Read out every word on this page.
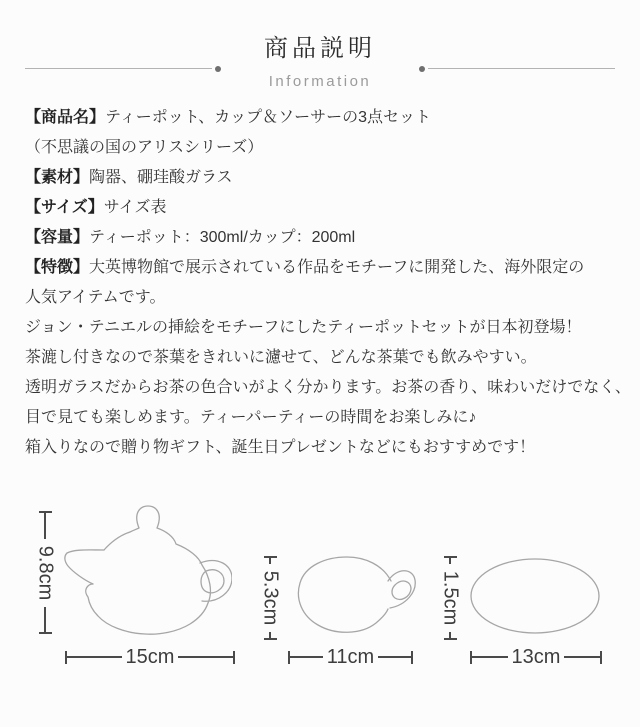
商品説明
Information
【商品名】ティーポット、カップ＆ソーサーの3点セット
（不思議の国のアリスシリーズ）
【素材】陶器、硼珪酸ガラス
【サイズ】サイズ表
【容量】ティーポット：300ml/カップ：200ml
【特徴】大英博物館で展示されている作品をモチーフに開発した、海外限定の
人気アイテムです。
ジョン・テニエルの挿絵をモチーフにしたティーポットセットが日本初登場！
茶漉し付きなので茶葉をきれいに濾せて、どんな茶葉でも飲みやすい。
透明ガラスだからお茶の色合いがよく分かります。お茶の香り、味わいだけでなく、
目で見ても楽しめます。ティーパーティーの時間をお楽しみに♪
箱入りなので贈り物ギフト、誕生日プレゼントなどにもおすすめです！
9.8cm
15cm
5.3cm
11cm
1.5cm
13cm
